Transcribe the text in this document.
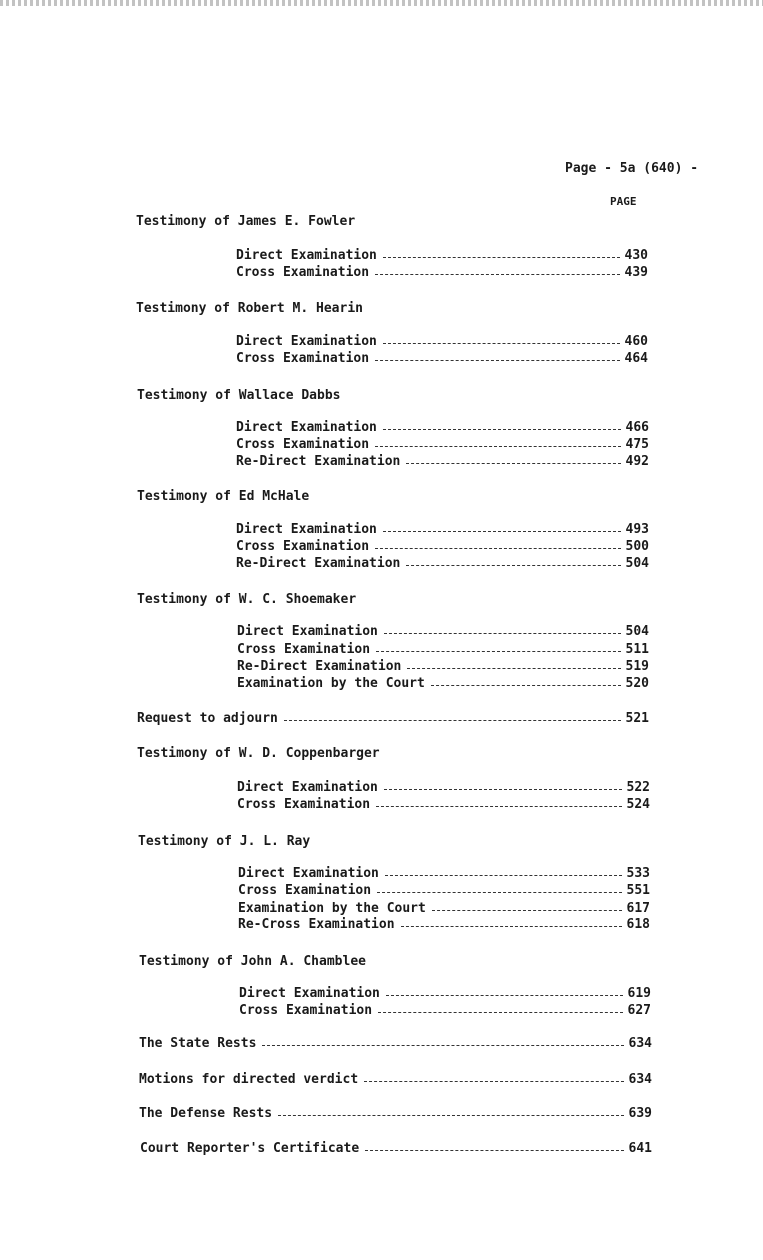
Page - 5a (640) -
PAGE
Testimony of James E. Fowler
Direct Examination	430
Cross Examination	439
Testimony of Robert M. Hearin
Direct Examination	460
Cross Examination	464
Testimony of Wallace Dabbs
Direct Examination	466
Cross Examination	475
Re-Direct Examination	492
Testimony of Ed McHale
Direct Examination	493
Cross Examination	500
Re-Direct Examination	504
Testimony of W. C. Shoemaker
Direct Examination	504
Cross Examination	511
Re-Direct Examination	519
Examination by the Court	520
Request to adjourn	521
Testimony of W. D. Coppenbarger
Direct Examination	522
Cross Examination	524
Testimony of J. L. Ray
Direct Examination	533
Cross Examination	551
Examination by the Court	617
Re-Cross Examination	618
Testimony of John A. Chamblee
Direct Examination	619
Cross Examination	627
The State Rests	634
Motions for directed verdict	634
The Defense Rests	639
Court Reporter's Certificate	641
